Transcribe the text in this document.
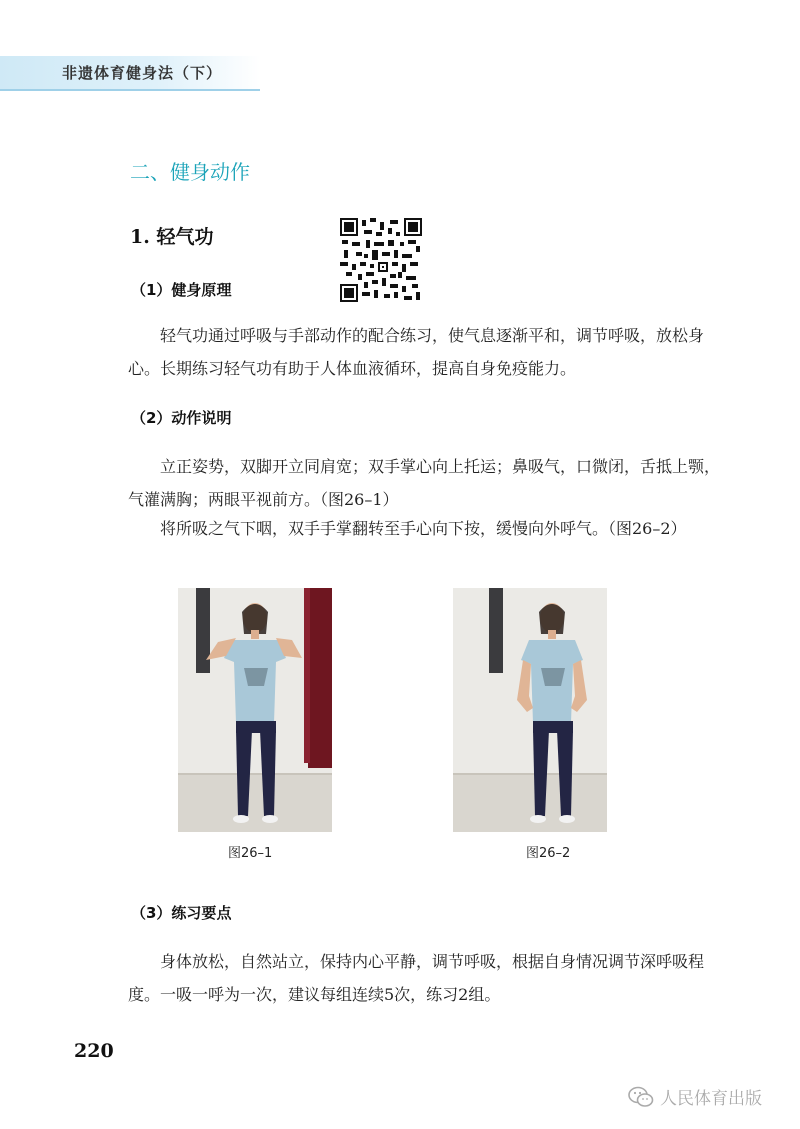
非遗体育健身法（下）
二、健身动作
1. 轻气功
（1）健身原理
轻气功通过呼吸与手部动作的配合练习，使气息逐渐平和，调节呼吸，放松身心。长期练习轻气功有助于人体血液循环，提高自身免疫能力。
（2）动作说明
立正姿势，双脚开立同肩宽；双手掌心向上托运；鼻吸气，口微闭，舌抵上颚，气灌满胸；两眼平视前方。（图26–1）
将所吸之气下咽，双手手掌翻转至手心向下按，缓慢向外呼气。（图26–2）
图26–1	图26–2
（3）练习要点
身体放松，自然站立，保持内心平静，调节呼吸，根据自身情况调节深呼吸程度。一吸一呼为一次，建议每组连续5次，练习2组。
220
人民体育出版
